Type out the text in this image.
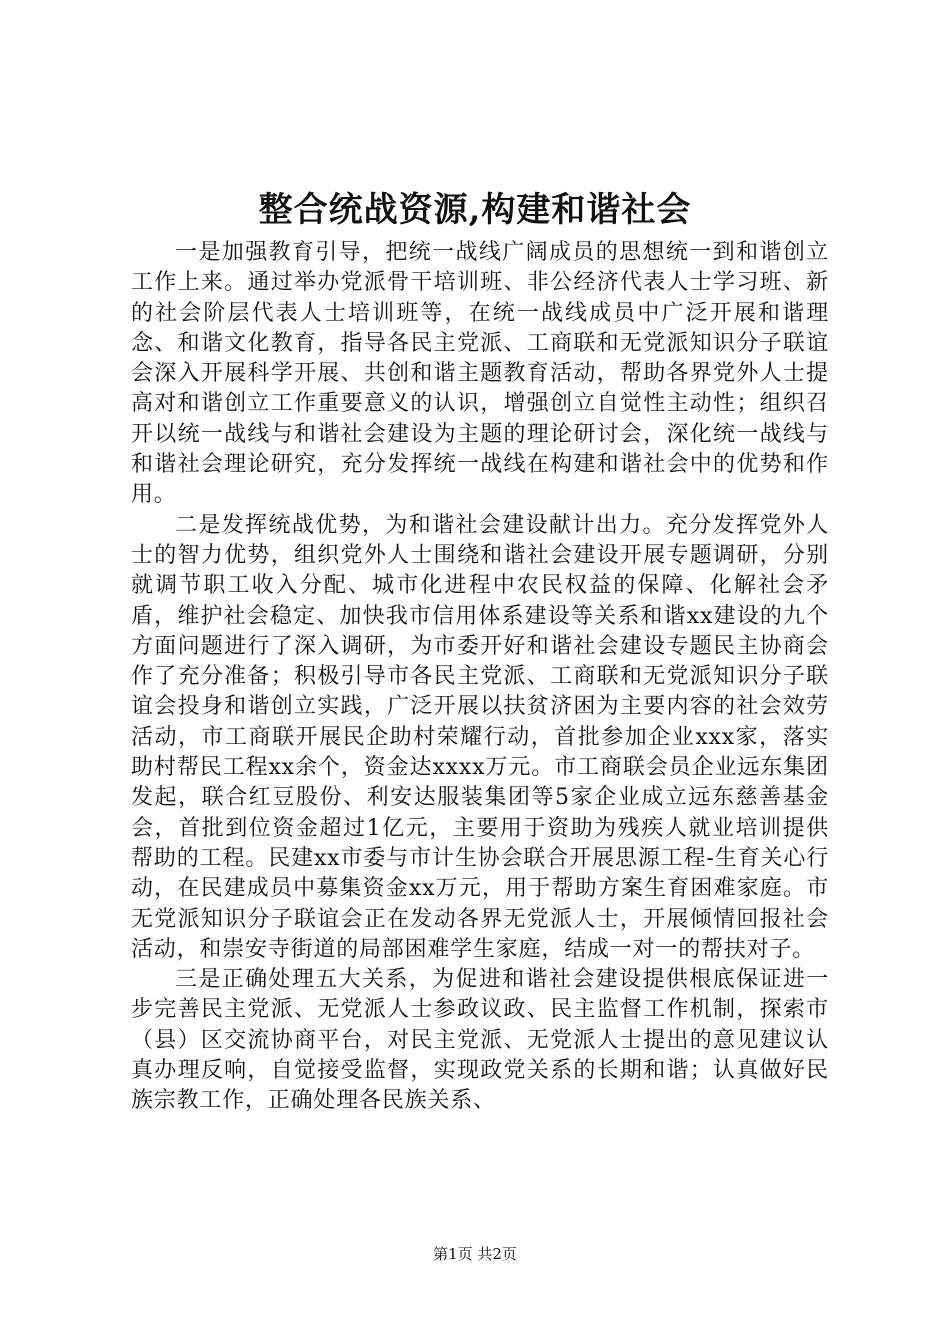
整合统战资源,构建和谐社会

一是加强教育引导，把统一战线广阔成员的思想统一到和谐创立工作上来。通过举办党派骨干培训班、非公经济代表人士学习班、新的社会阶层代表人士培训班等，在统一战线成员中广泛开展和谐理念、和谐文化教育，指导各民主党派、工商联和无党派知识分子联谊会深入开展科学开展、共创和谐主题教育活动，帮助各界党外人士提高对和谐创立工作重要意义的认识，增强创立自觉性主动性；组织召开以统一战线与和谐社会建设为主题的理论研讨会，深化统一战线与和谐社会理论研究，充分发挥统一战线在构建和谐社会中的优势和作用。

二是发挥统战优势，为和谐社会建设献计出力。充分发挥党外人士的智力优势，组织党外人士围绕和谐社会建设开展专题调研，分别就调节职工收入分配、城市化进程中农民权益的保障、化解社会矛盾，维护社会稳定、加快我市信用体系建设等关系和谐xx建设的九个方面问题进行了深入调研，为市委开好和谐社会建设专题民主协商会作了充分准备；积极引导市各民主党派、工商联和无党派知识分子联谊会投身和谐创立实践，广泛开展以扶贫济困为主要内容的社会效劳活动，市工商联开展民企助村荣耀行动，首批参加企业xxx家，落实助村帮民工程xx余个，资金达xxxx万元。市工商联会员企业远东集团发起，联合红豆股份、利安达服装集团等5家企业成立远东慈善基金会，首批到位资金超过1亿元，主要用于资助为残疾人就业培训提供帮助的工程。民建xx市委与市计生协会联合开展思源工程-生育关心行动，在民建成员中募集资金xx万元，用于帮助方案生育困难家庭。市无党派知识分子联谊会正在发动各界无党派人士，开展倾情回报社会活动，和崇安寺街道的局部困难学生家庭，结成一对一的帮扶对子。

三是正确处理五大关系，为促进和谐社会建设提供根底保证进一步完善民主党派、无党派人士参政议政、民主监督工作机制，探索市（县）区交流协商平台，对民主党派、无党派人士提出的意见建议认真办理反响，自觉接受监督，实现政党关系的长期和谐；认真做好民族宗教工作，正确处理各民族关系、

第1页 共2页
